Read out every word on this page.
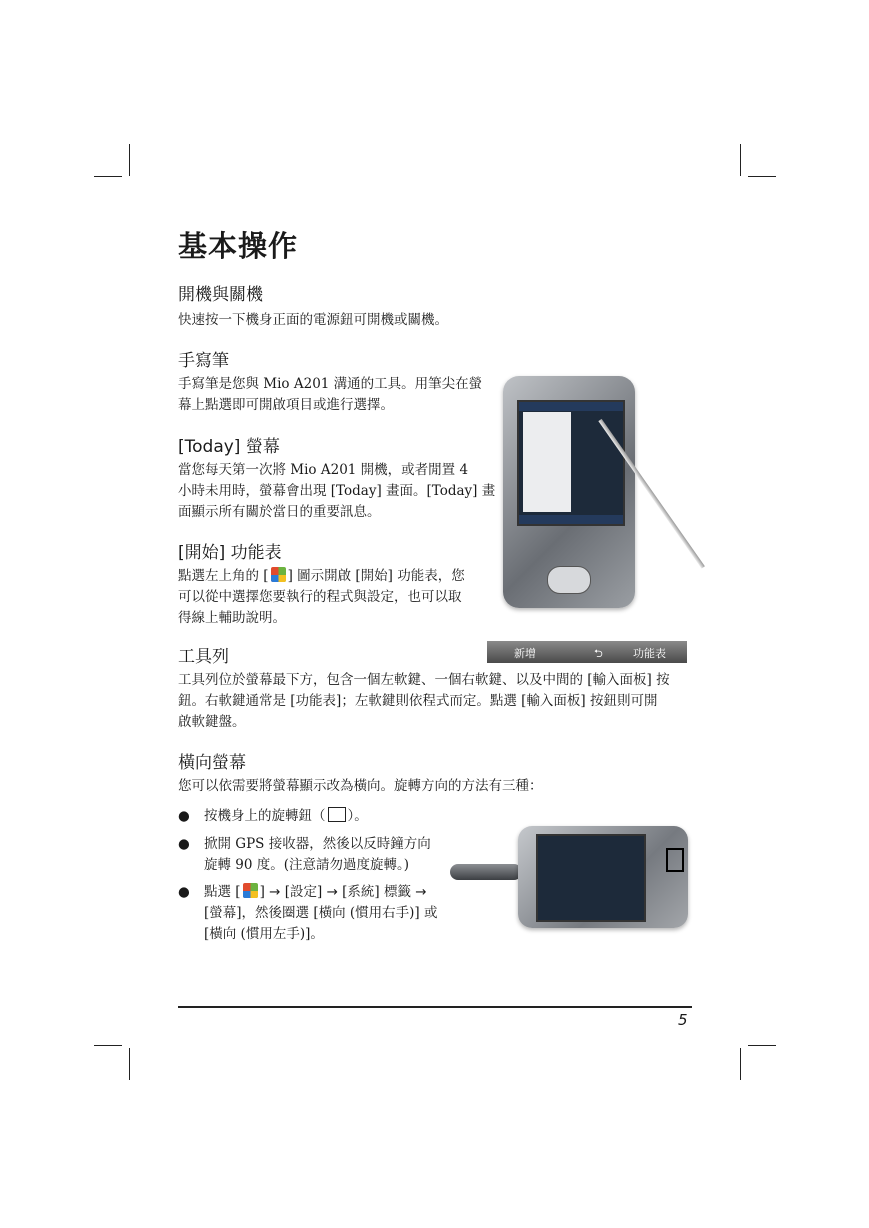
基本操作
開機與關機
快速按一下機身正面的電源鈕可開機或關機。
手寫筆
手寫筆是您與 Mio A201 溝通的工具。用筆尖在螢
幕上點選即可開啟項目或進行選擇。
[Today] 螢幕
當您每天第一次將 Mio A201 開機，或者閒置 4
小時未用時，螢幕會出現 [Today] 畫面。[Today] 畫
面顯示所有關於當日的重要訊息。
[開始] 功能表
點選左上角的 [ ] 圖示開啟 [開始] 功能表，您
可以從中選擇您要執行的程式與設定，也可以取
得線上輔助說明。
工具列	新增	⮌	功能表
工具列位於螢幕最下方，包含一個左軟鍵、一個右軟鍵、以及中間的 [輸入面板] 按
鈕。右軟鍵通常是 [功能表]；左軟鍵則依程式而定。點選 [輸入面板] 按鈕則可開
啟軟鍵盤。
橫向螢幕
您可以依需要將螢幕顯示改為橫向。旋轉方向的方法有三種：
● 按機身上的旋轉鈕（ ）。
● 掀開 GPS 接收器，然後以反時鐘方向
旋轉 90 度。(注意請勿過度旋轉。)
● 點選 [ ] → [設定] → [系統] 標籤 →
[螢幕]，然後圈選 [橫向 (慣用右手)] 或
[橫向 (慣用左手)]。
5
